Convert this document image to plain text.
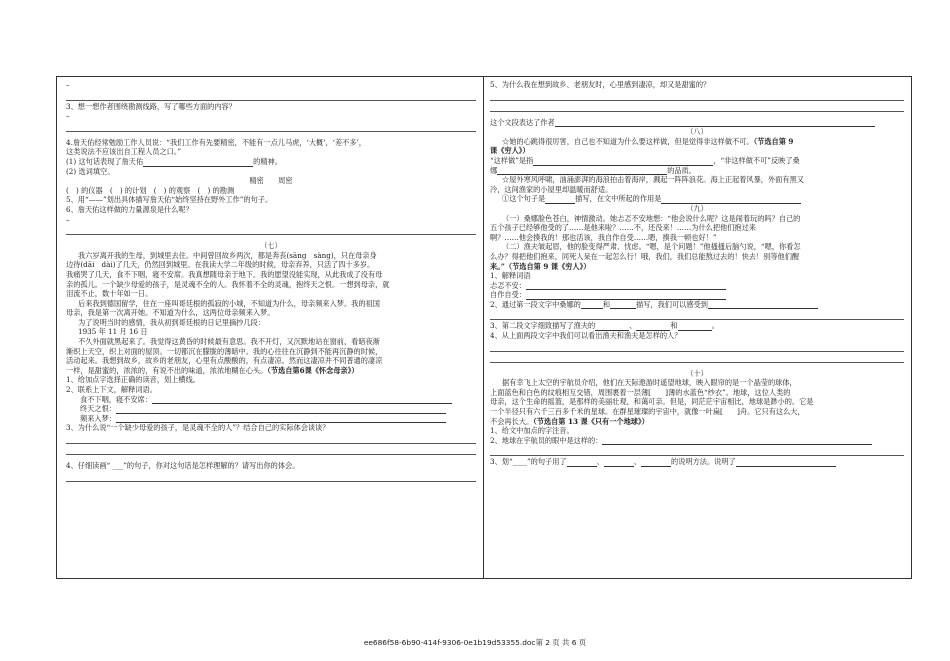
–
3、想一想作者围绕勘测线路，写了哪些方面的内容？
–
4.詹天佑经常勉励工作人员说：“我们工作有先要精密，不能有一点儿马虎，‘大概’，‘差不多’，
这类说法不应该出自工程人员之口。”
(1) 这句话表现了詹天佑	的精神。
(2) 选词填空。
精密　　周密
(　) 的仪器　(　) 的计划　(　) 的观察　(　) 的勘测
5、用“——”划出具体描写詹天佑“始终坚持在野外工作”的句子。
6、詹天佑这样做的力量源泉是什么呢？
–
（七）
我六岁离开我的生母，到城里去住。中间曾回故乡两次，都是奔丧(sāng　sàng)，只在母亲身
边待(dāi　dài)了几天，仍然回到城里。在我读大学二年级的时候，母亲弃养，只活了四十多岁。
我痛哭了几天，食不下咽，寝不安席。我真想随母亲于地下。我的愿望没能实现，从此我成了没有母
亲的孤儿。一个缺少母爱的孩子，是灵魂不全的人。我怀着不全的灵魂，抱终天之恨。一想到母亲，就
泪流不止，数十年如一日。
后来我到德国留学，住在一座叫哥廷根的孤寂的小城，不知道为什么，母亲频来入梦。我的祖国
母亲，我是第一次离开她。不知道为什么，这两位母亲频来入梦。
为了说明当时的感情，我从初到哥廷根的日记里摘抄几段：
1935 年 11 月 16 日
不久外面就黑起来了。我觉得这黄昏的时候最有意思。我不开灯，又沉默地站在窗前，看暗夜渐
渐织上天空，织上对面的屋顶。一切都沉在朦胧的薄暗中。我的心往往在沉静到不能再沉静的时候，
活动起来。我想到故乡，故乡的老朋友，心里有点酸酸的，有点凄凉。然而这凄凉并不同普通的凄凉
一样，是甜蜜的，浓浓的，有说不出的味道，浓浓地糊在心头。（节选自第6课《怀念母亲》）
1、给加点字选择正确的读音，划上横线。
2、联系上下文，解释词语。
食不下咽，寝不安席：
终天之恨：
频来入梦：
3、为什么说“一个缺少母爱的孩子，是灵魂不全的人”？结合自己的实际体会谈谈？
4、仔细读画“ ___”的句子，你对这句话是怎样理解的？请写出你的体会。
5、为什么我在想到故乡、老朋友时，心里感到凄凉，却又是甜蜜的？
这个文段表达了作者
（八）
☆她的心跳得很厉害，自己也不知道为什么要这样做，但是觉得非这样做不可。（节选自第 9
课《穷人》）
“这样做”是指	，“非这样做不可”反映了桑
娜	的品质。
☆屋外寒风呼啸，汹涌澎湃的海浪拍击着海岸，溅起一阵阵浪花。海上正起着风暴，外面有黑又
冷，这间渔家的小屋里却温暖而舒适。
①这个句子是	描写，在文中所起的作用是
（九）
（一）桑娜脸色苍白，神情激动。她忐忑不安地想：“他会说什么呢？这是闹着玩的吗？自己的
五个孩子已经够他受的了……是他来啦？……不，还没来！……为什么把他们抱过来
啊？……他会揍我的！那也活该，我自作自受……嗯，揍我一顿也好！”
（二）渔夫皱起眉，他的脸变得严肃、忧虑。“嗯，是个问题！”他搔搔后脑勺说，“嗯，你看怎
么办？得把他们抱来，同死人呆在一起怎么行！哦，我们，我们总能熬过去的！快去！别等他们醒
来。”（节选自第 9 课《穷人》）
1、解释词语
忐忑不安：
自作自受：
2、通过第一段文字中桑娜的	和	描写，我们可以感受到
3、第二段文字细致描写了渔夫的	、	和	。
4、从上面两段文字中我们可以看出渔夫和渔夫是怎样的人？
（十）
据有幸飞上太空的宇航员介绍，他们在天际遨游时遥望地球，映入眼帘的是一个晶莹的球体，
上面蓝色和白色的纹痕相互交错，周围裹着一层薄[　　]薄的水蓝色“纱衣”。地球，这位人类的
母亲，这个生命的摇篮，是那样的美丽壮观，和蔼可亲。但是，同茫茫宇宙相比，地球是渺小的。它是
一个半径只有六千三百多千米的星球。在群星璀璨的宇宙中，就像一叶扁[　　]舟。它只有这么大，
不会再长大。（节选自第 13 课《只有一个地球》）
1、给文中加点的字注音。
2、地球在宇航员的眼中是这样的：
3、划“____”的句子用了	、	、	的说明方法。说明了
ee686f58-6b90-414f-9306-0e1b19d53355.doc第 2 页 共 6 页
